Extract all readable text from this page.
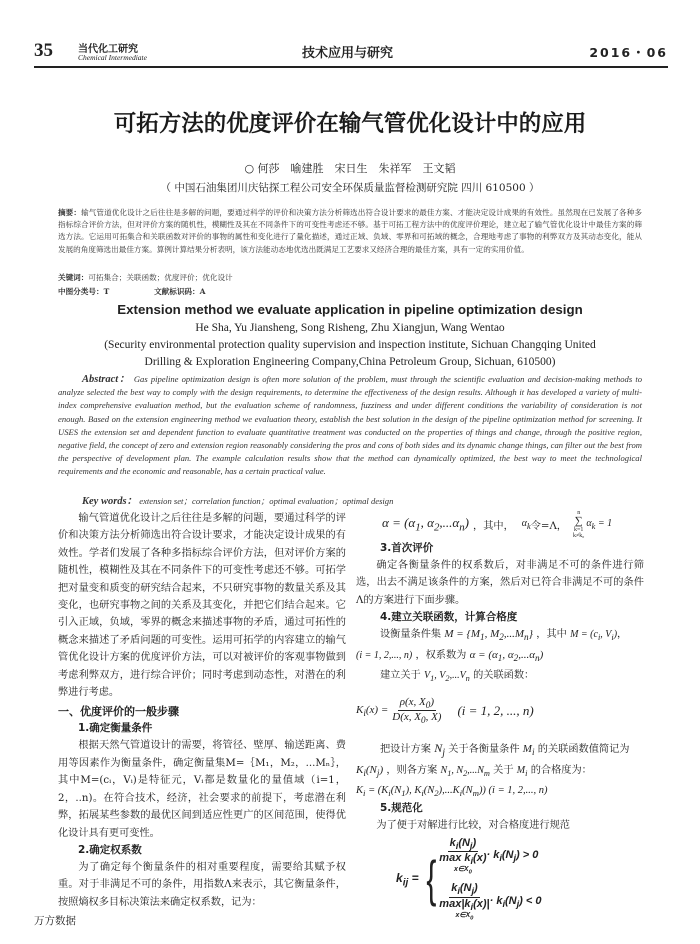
35	当代化工研究
Chemical Intermediate	技术应用与研究	2016・06
可拓方法的优度评价在输气管优化设计中的应用
○ 何莎　喻建胜　宋日生　朱祥军　王文韬
（ 中国石油集团川庆钻探工程公司安全环保质量监督检测研究院 四川 610500 ）
摘要：输气管道优化设计之后往往是多解的问题，要通过科学的评价和决策方法分析筛选出符合设计要求的最佳方案、才能决定设计成果的有效性。虽然现在已发展了各种多指标综合评价方法，但对评价方案的随机性，模糊性及其在不同条件下的可变性考虑还不够。基于可拓工程方法中的优度评价理论，建立起了输气管优化设计中最佳方案的筛选方法。它运用可拓集合和关联函数对评价的事物的属性和变化进行了量化描述，通过正域、负域、零界和可拓域的概念，合理地考虑了事物的利弊双方及其动态变化，能从发展的角度筛选出最佳方案。算例计算结果分析表明，该方法能动态地优选出既满足工艺要求又经济合理的最佳方案，具有一定的实用价值。
关键词：可拓集合；关联函数；优度评价；优化设计
中图分类号：T	文献标识码：A
Extension method we evaluate application in pipeline optimization design
He Sha, Yu Jiansheng, Song Risheng, Zhu Xiangjun, Wang Wentao
(Security environmental protection quality supervision and inspection institute, Sichuan Changqing United
Drilling & Exploration Engineering Company,China Petroleum Group, Sichuan, 610500)
Abstract： Gas pipeline optimization design is often more solution of the problem, must through the scientific evaluation and decision-making methods to analyze selected the best way to comply with the design requirements, to determine the effectiveness of the design results. Although it has developed a variety of multi-index comprehensive evaluation method, but the evaluation scheme of randomness, fuzziness and under different conditions the variability of consideration is not enough. Based on the extension engineering method we evaluation theory, establish the best solution in the design of the pipeline optimization method for screening. It USES the extension set and dependent function to evaluate quantitative treatment was conducted on the properties of things and change, through the positive region, negative field, the concept of zero and extension region reasonably considering the pros and cons of both sides and its dynamic change things, can filter out the best from the perspective of development plan. The example calculation results show that the method can dynamically optimized, the best way to meet the technological requirements and the economic and reasonable, has a certain practical value.
Key words： extension set；correlation function；optimal evaluation；optimal design

输气管道优化设计之后往往是多解的问题，要通过科学的评价和决策方法分析筛选出符合设计要求，才能决定设计成果的有效性。学者们发展了各种多指标综合评价方法，但对评价方案的随机性，模糊性及其在不同条件下的可变性考虑还不够。可拓学把对量变和质变的研究结合起来，不只研究事物的数量关系及其变化，也研究事物之间的关系及其变化，并把它们结合起来。它引入正域，负域，零界的概念来描述事物的矛盾，通过可拓性的概念来描述了矛盾问题的可变性。运用可拓学的内容建立的输气管优化设计方案的优度评价方法，可以对被评价的客观事物做到考虑利弊双方，进行综合评价；同时考虑到动态性，对潜在的利弊进行考虑。

一、优度评价的一般步骤
1.确定衡量条件

根据天然气管道设计的需要，将管径、壁厚、输送距离、费用等因素作为衡量条件，确定衡量集M=｛M₁，M₂，...Mₙ｝，其中M=(cᵢ，Vᵢ)是特征元，Vᵢ都是数量化的量值域（i=1，2，..n)。在符合技术，经济，社会要求的前提下，考虑潜在利弊，拓展某些参数的最优区间到适应性更广的区间范围，使得优化设计具有更可变性。

2.确定权系数

为了确定每个衡量条件的相对重要程度，需要给其赋予权重。对于非满足不可的条件，用指数Λ来表示，其它衡量条件，按照熵权多目标决策法来确定权系数，记为：

$\alpha = (\alpha_1$, $\alpha_2,...\alpha_n$) ，其中， $\alpha_k$ 令=Λ，
n
∑
k=1
k≠k₀
$\alpha_k = 1$
3.首次评价

确定各衡量条件的权系数后，对非满足不可的条件进行筛选，出去不满足该条件的方案，然后对已符合非满足不可的条件Λ的方案进行下面步骤。

4.建立关联函数，计算合格度
设衡量条件集 $M = \{M_1$, $M_2,...M_n$} ，其中 $M = (c_i$, $V_i$)，
(i = 1, 2,..., n) ，权系数为 $\alpha = (\alpha_1$, $\alpha_2,...\alpha_n$)
建立关于 $V_1$, $V_2,...V_n$ 的关联函数：
$K_i(x) = \frac{\rho(x, X_0)}{D(x, X_0, X)} (i = 1$, 2, ..., n)
把设计方案 $N_j$ 关于各衡量条件 $M_i$ 的关联函数值简记为
$K_i(N_j)$ ，则各方案 $N_1$, $N_2,...N_m$ 关于 $M_i$ 的合格度为：
$K_i = (K_i(N_1)$, $K_i(N_2),...K_i(N_m)$) (i = 1, 2,..., n)
5.规范化

为了便于对解进行比较，对合格度进行规范

$k_{ij}$ = {
$k_i(N_j)$
$\max k_i(x)$
$x\in X_0$
· $k_i(N_j) > 0$
$k_i(N_j)$
$\max|k_i(x)|$
$x\in X_0$
· $k_i(N_j) < 0$
万方数据
